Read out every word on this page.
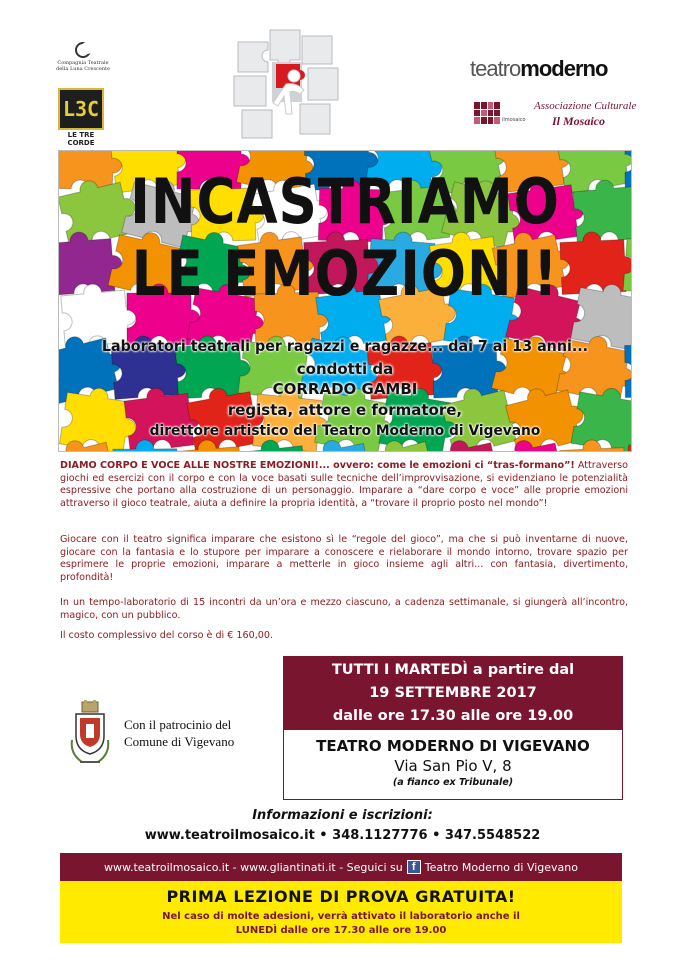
Compagnia Teatrale della Luna Crescente
L3C
LE TRE CORDE
teatromoderno
ilmosaico
Associazione Culturale
Il Mosaico
INCASTRIAMO
LE EMOZIONI!
Laboratori teatrali per ragazzi e ragazze... dai 7 ai 13 anni...
condotti da
CORRADO GAMBI
regista, attore e formatore,
direttore artistico del Teatro Moderno di Vigevano
DIAMO CORPO E VOCE ALLE NOSTRE EMOZIONI!... ovvero: come le emozioni ci “tras-formano”! Attraverso giochi ed esercizi con il corpo e con la voce basati sulle tecniche dell’improvvisazione, si evidenziano le potenzialità espressive che portano alla costruzione di un personaggio. Imparare a “dare corpo e voce” alle proprie emozioni attraverso il gioco teatrale, aiuta a definire la propria identità, a “trovare il proprio posto nel mondo”!
Giocare con il teatro significa imparare che esistono sì le “regole del gioco”, ma che si può inventarne di nuove, giocare con la fantasia e lo stupore per imparare a conoscere e rielaborare il mondo intorno, trovare spazio per esprimere le proprie emozioni, imparare a metterle in gioco insieme agli altri... con fantasia, divertimento, profondità!
In un tempo-laboratorio di 15 incontri da un’ora e mezzo ciascuno, a cadenza settimanale, si giungerà all’incontro, magico, con un pubblico.
Il costo complessivo del corso è di € 160,00.
TUTTI I MARTEDÌ a partire dal
19 SETTEMBRE 2017
dalle ore 17.30 alle ore 19.00
TEATRO MODERNO DI VIGEVANO
Via San Pio V, 8
(a fianco ex Tribunale)
Con il patrocinio del
Comune di Vigevano
Informazioni e iscrizioni:
www.teatroilmosaico.it • 348.1127776 • 347.5548522
www.teatroilmosaico.it - www.gliantinati.it - Seguici su f Teatro Moderno di Vigevano
PRIMA LEZIONE DI PROVA GRATUITA!
Nel caso di molte adesioni, verrà attivato il laboratorio anche il
LUNEDÌ dalle ore 17.30 alle ore 19.00
